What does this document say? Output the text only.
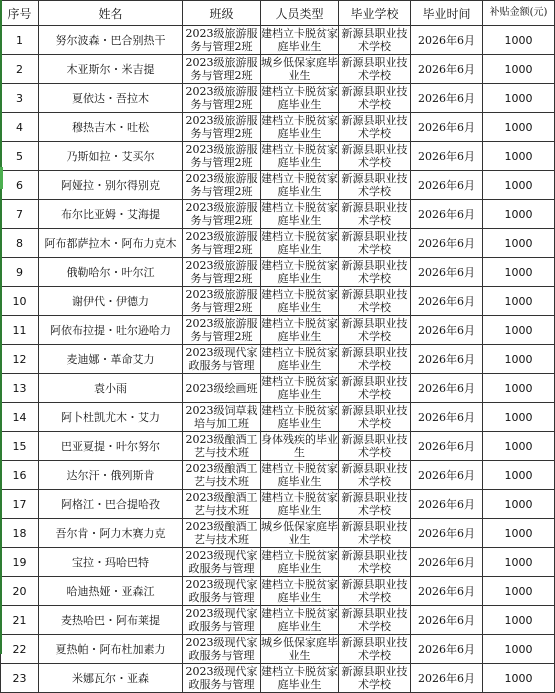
序号	姓名	班级	人员类型	毕业学校	毕业时间	补贴金额(元)
1	努尔波森・巴合别热干	2023级旅游服务与管理2班	建档立卡脱贫家庭毕业生	新源县职业技术学校	2026年6月	1000
2	木亚斯尔・米吉提	2023级旅游服务与管理2班	城乡低保家庭毕业生	新源县职业技术学校	2026年6月	1000
3	夏依达・吾拉木	2023级旅游服务与管理2班	建档立卡脱贫家庭毕业生	新源县职业技术学校	2026年6月	1000
4	穆热吉木・吐松	2023级旅游服务与管理2班	建档立卡脱贫家庭毕业生	新源县职业技术学校	2026年6月	1000
5	乃斯如拉・艾买尔	2023级旅游服务与管理2班	建档立卡脱贫家庭毕业生	新源县职业技术学校	2026年6月	1000
6	阿娅拉・别尔得别克	2023级旅游服务与管理2班	建档立卡脱贫家庭毕业生	新源县职业技术学校	2026年6月	1000
7	布尔比亚姆・艾海提	2023级旅游服务与管理2班	建档立卡脱贫家庭毕业生	新源县职业技术学校	2026年6月	1000
8	阿布都萨拉木・阿布力克木	2023级旅游服务与管理2班	建档立卡脱贫家庭毕业生	新源县职业技术学校	2026年6月	1000
9	俄勒哈尔・叶尔江	2023级旅游服务与管理2班	建档立卡脱贫家庭毕业生	新源县职业技术学校	2026年6月	1000
10	谢伊代・伊德力	2023级旅游服务与管理2班	建档立卡脱贫家庭毕业生	新源县职业技术学校	2026年6月	1000
11	阿依布拉提・吐尔逊哈力	2023级旅游服务与管理2班	建档立卡脱贫家庭毕业生	新源县职业技术学校	2026年6月	1000
12	麦迪娜・革命艾力	2023级现代家政服务与管理	建档立卡脱贫家庭毕业生	新源县职业技术学校	2026年6月	1000
13	袁小雨	2023级绘画班	建档立卡脱贫家庭毕业生	新源县职业技术学校	2026年6月	1000
14	阿卜杜凯尤木・艾力	2023级饲草栽培与加工班	建档立卡脱贫家庭毕业生	新源县职业技术学校	2026年6月	1000
15	巴亚夏提・叶尔努尔	2023级酿酒工艺与技术班	身体残疾的毕业生	新源县职业技术学校	2026年6月	1000
16	达尔汗・俄列斯肯	2023级酿酒工艺与技术班	建档立卡脱贫家庭毕业生	新源县职业技术学校	2026年6月	1000
17	阿格江・巴合提哈孜	2023级酿酒工艺与技术班	建档立卡脱贫家庭毕业生	新源县职业技术学校	2026年6月	1000
18	吾尔肯・阿力木赛力克	2023级酿酒工艺与技术班	城乡低保家庭毕业生	新源县职业技术学校	2026年6月	1000
19	宝拉・玛哈巴特	2023级现代家政服务与管理	建档立卡脱贫家庭毕业生	新源县职业技术学校	2026年6月	1000
20	哈迪热娅・亚森江	2023级现代家政服务与管理	建档立卡脱贫家庭毕业生	新源县职业技术学校	2026年6月	1000
21	麦热哈巴・阿布莱提	2023级现代家政服务与管理	建档立卡脱贫家庭毕业生	新源县职业技术学校	2026年6月	1000
22	夏热帕・阿布杜加素力	2023级现代家政服务与管理	城乡低保家庭毕业生	新源县职业技术学校	2026年6月	1000
23	米娜瓦尔・亚森	2023级现代家政服务与管理	建档立卡脱贫家庭毕业生	新源县职业技术学校	2026年6月	1000
